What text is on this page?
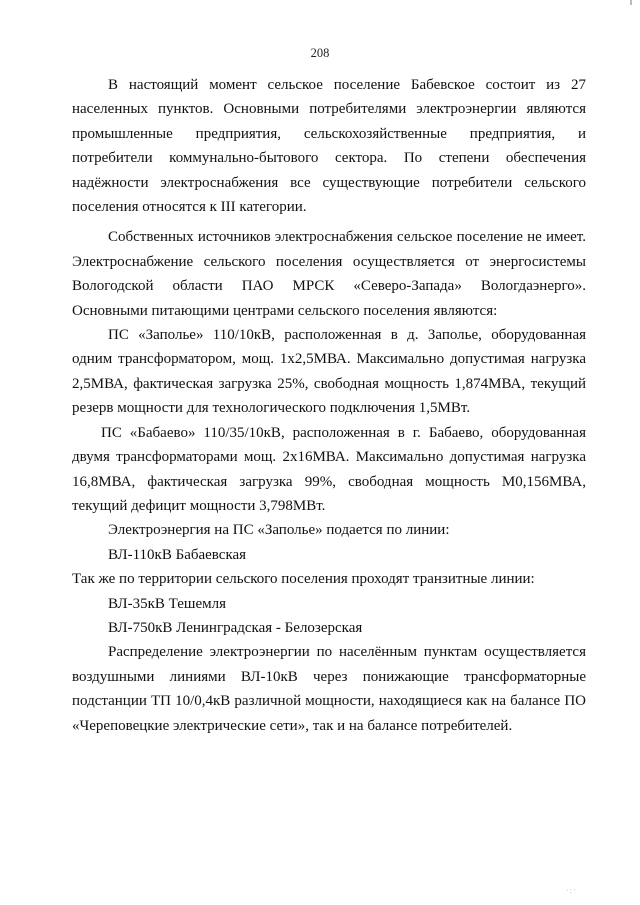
208

В настоящий момент сельское поселение Бабевское состоит из 27 населенных пунктов. Основными потребителями электроэнергии являются промышленные предприятия, сельскохозяйственные предприятия, и потребители коммунально-бытового сектора. По степени обеспечения надёжности электроснабжения все существующие потребители сельского поселения относятся к III категории.

Собственных источников электроснабжения сельское поселение не имеет. Электроснабжение сельского поселения осуществляется от энергосистемы Вологодской области ПАО МРСК «Северо-Запада» Вологдаэнерго». Основными питающими центрами сельского поселения являются:

ПС «Заполье» 110/10кВ, расположенная в д. Заполье, оборудованная одним трансформатором, мощ. 1х2,5МВА. Максимально допустимая нагрузка 2,5МВА, фактическая загрузка 25%, свободная мощность 1,874МВА, текущий резерв мощности для технологического подключения 1,5МВт.

ПС «Бабаево» 110/35/10кВ, расположенная в г. Бабаево, оборудованная двумя трансформаторами мощ. 2х16МВА. Максимально допустимая нагрузка 16,8МВА, фактическая загрузка 99%, свободная мощность М0,156МВА, текущий дефицит мощности 3,798МВт.

Электроэнергия на ПС «Заполье» подается по линии:

ВЛ-110кВ Бабаевская

Так же по территории сельского поселения проходят транзитные линии:

ВЛ-35кВ Тешемля

ВЛ-750кВ Ленинградская - Белозерская

Распределение электроэнергии по населённым пунктам осуществляется воздушными линиями ВЛ-10кВ через понижающие трансформаторные подстанции ТП 10/0,4кВ различной мощности, находящиеся как на балансе ПО «Череповецкие электрические сети», так и на балансе потребителей.

·:·
